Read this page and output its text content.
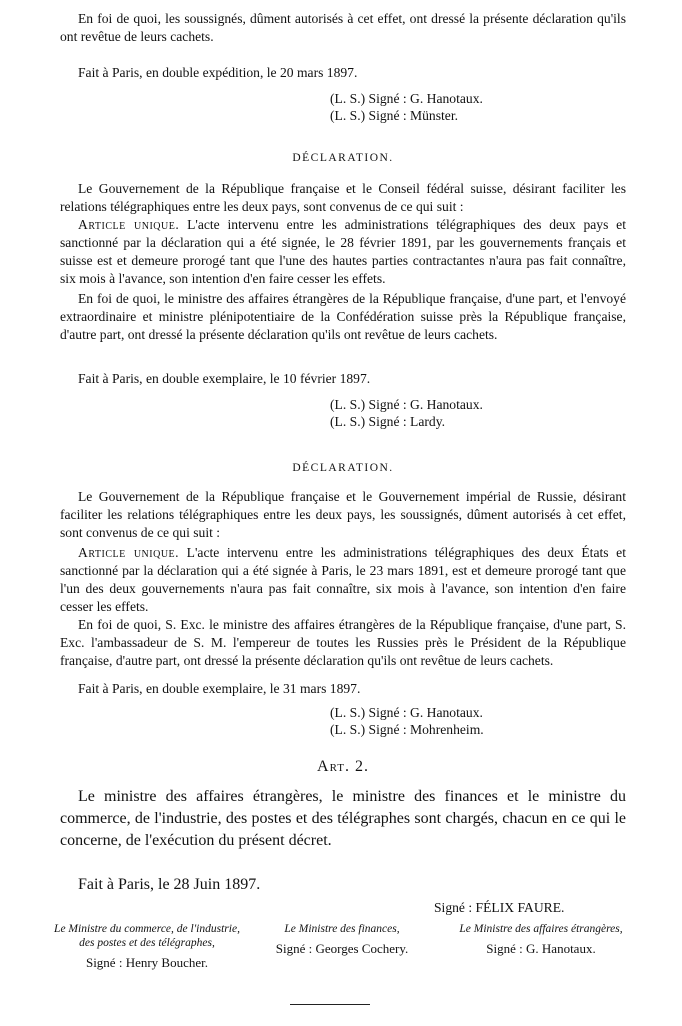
En foi de quoi, les soussignés, dûment autorisés à cet effet, ont dressé la présente déclaration qu'ils ont revêtue de leurs cachets.

Fait à Paris, en double expédition, le 20 mars 1897.

(L. S.) Signé : G. Hanotaux.
(L. S.) Signé : Münster.

DÉCLARATION.

Le Gouvernement de la République française et le Conseil fédéral suisse, désirant faciliter les relations télégraphiques entre les deux pays, sont convenus de ce qui suit :

Article unique. L'acte intervenu entre les administrations télégraphiques des deux pays et sanctionné par la déclaration qui a été signée, le 28 février 1891, par les gouvernements français et suisse est et demeure prorogé tant que l'une des hautes parties contractantes n'aura pas fait connaître, six mois à l'avance, son intention d'en faire cesser les effets.

En foi de quoi, le ministre des affaires étrangères de la République française, d'une part, et l'envoyé extraordinaire et ministre plénipotentiaire de la Confédération suisse près la République française, d'autre part, ont dressé la présente déclaration qu'ils ont revêtue de leurs cachets.

Fait à Paris, en double exemplaire, le 10 février 1897.

(L. S.) Signé : G. Hanotaux.
(L. S.) Signé : Lardy.

DÉCLARATION.

Le Gouvernement de la République française et le Gouvernement impérial de Russie, désirant faciliter les relations télégraphiques entre les deux pays, les soussignés, dûment autorisés à cet effet, sont convenus de ce qui suit :

Article unique. L'acte intervenu entre les administrations télégraphiques des deux États et sanctionné par la déclaration qui a été signée à Paris, le 23 mars 1891, est et demeure prorogé tant que l'un des deux gouvernements n'aura pas fait connaître, six mois à l'avance, son intention d'en faire cesser les effets.

En foi de quoi, S. Exc. le ministre des affaires étrangères de la République française, d'une part, S. Exc. l'ambassadeur de S. M. l'empereur de toutes les Russies près le Président de la République française, d'autre part, ont dressé la présente déclaration qu'ils ont revêtue de leurs cachets.

Fait à Paris, en double exemplaire, le 31 mars 1897.

(L. S.) Signé : G. Hanotaux.
(L. S.) Signé : Mohrenheim.

Art. 2.

Le ministre des affaires étrangères, le ministre des finances et le ministre du commerce, de l'industrie, des postes et des télégraphes sont chargés, chacun en ce qui le concerne, de l'exécution du présent décret.

Fait à Paris, le 28 Juin 1897.

Signé : FÉLIX FAURE.

Le Ministre du commerce, de l'industrie, des postes et des télégraphes,
Signé : Henry Boucher.
Le Ministre des finances,
Signé : Georges Cochery.
Le Ministre des affaires étrangères,
Signé : G. Hanotaux.
